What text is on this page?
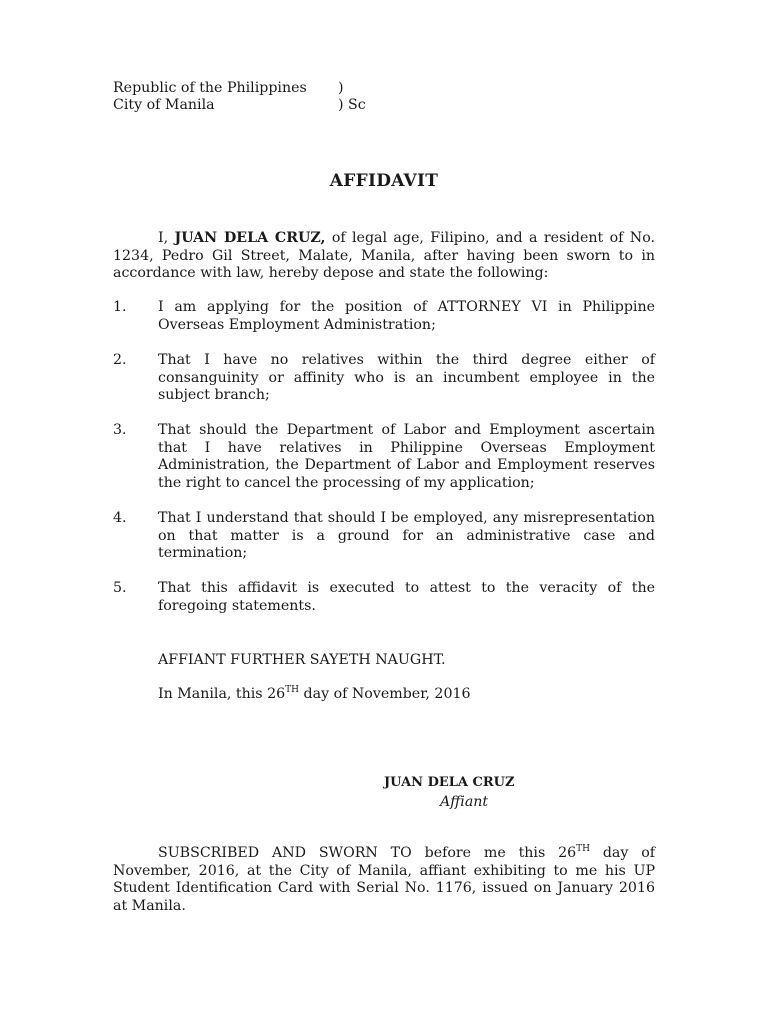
Republic of the Philippines )
City of Manila	) Sc
AFFIDAVIT

I, JUAN DELA CRUZ, of legal age, Filipino, and a resident of No. 1234, Pedro Gil Street, Malate, Manila, after having been sworn to in accordance with law, hereby depose and state the following:

1.	I am applying for the position of ATTORNEY VI in Philippine Overseas Employment Administration;
2.	That I have no relatives within the third degree either of consanguinity or affinity who is an incumbent employee in the subject branch;
3.	That should the Department of Labor and Employment ascertain that I have relatives in Philippine Overseas Employment Administration, the Department of Labor and Employment reserves the right to cancel the processing of my application;
4.	That I understand that should I be employed, any misrepresentation on that matter is a ground for an administrative case and termination;
5.	That this affidavit is executed to attest to the veracity of the foregoing statements.
AFFIANT FURTHER SAYETH NAUGHT.
In Manila, this 26TH day of November, 2016
JUAN DELA CRUZ
Affiant

SUBSCRIBED AND SWORN TO before me this 26TH day of November, 2016, at the City of Manila, affiant exhibiting to me his UP Student Identification Card with Serial No. 1176, issued on January 2016 at Manila.
